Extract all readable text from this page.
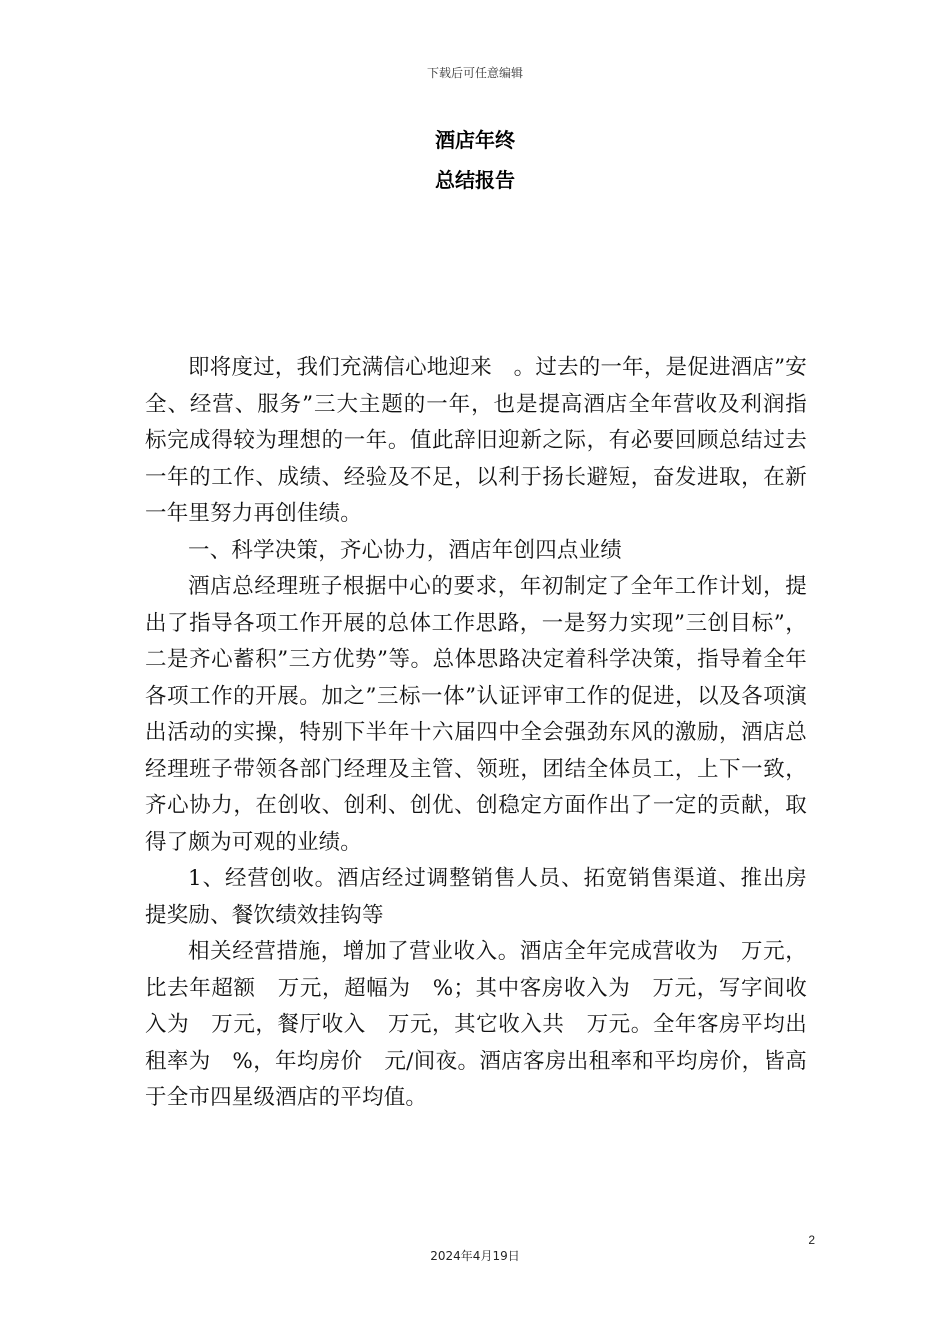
下载后可任意编辑
酒店年终
总结报告

即将度过，我们充满信心地迎来　。过去的一年，是促进酒店”安全、经营、服务”三大主题的一年，也是提高酒店全年营收及利润指标完成得较为理想的一年。值此辞旧迎新之际，有必要回顾总结过去一年的工作、成绩、经验及不足，以利于扬长避短，奋发进取，在新一年里努力再创佳绩。

一、科学决策，齐心协力，酒店年创四点业绩

酒店总经理班子根据中心的要求，年初制定了全年工作计划，提出了指导各项工作开展的总体工作思路，一是努力实现”三创目标”，二是齐心蓄积”三方优势”等。总体思路决定着科学决策，指导着全年各项工作的开展。加之”三标一体”认证评审工作的促进，以及各项演出活动的实操，特别下半年十六届四中全会强劲东风的激励，酒店总经理班子带领各部门经理及主管、领班，团结全体员工，上下一致，齐心协力，在创收、创利、创优、创稳定方面作出了一定的贡献，取得了颇为可观的业绩。

1、经营创收。酒店经过调整销售人员、拓宽销售渠道、推出房提奖励、餐饮绩效挂钩等

相关经营措施，增加了营业收入。酒店全年完成营收为　万元，比去年超额　万元，超幅为　%；其中客房收入为　万元，写字间收入为　万元，餐厅收入　万元，其它收入共　万元。全年客房平均出租率为　%，年均房价　元/间夜。酒店客房出租率和平均房价，皆高于全市四星级酒店的平均值。

2
2024年4月19日
